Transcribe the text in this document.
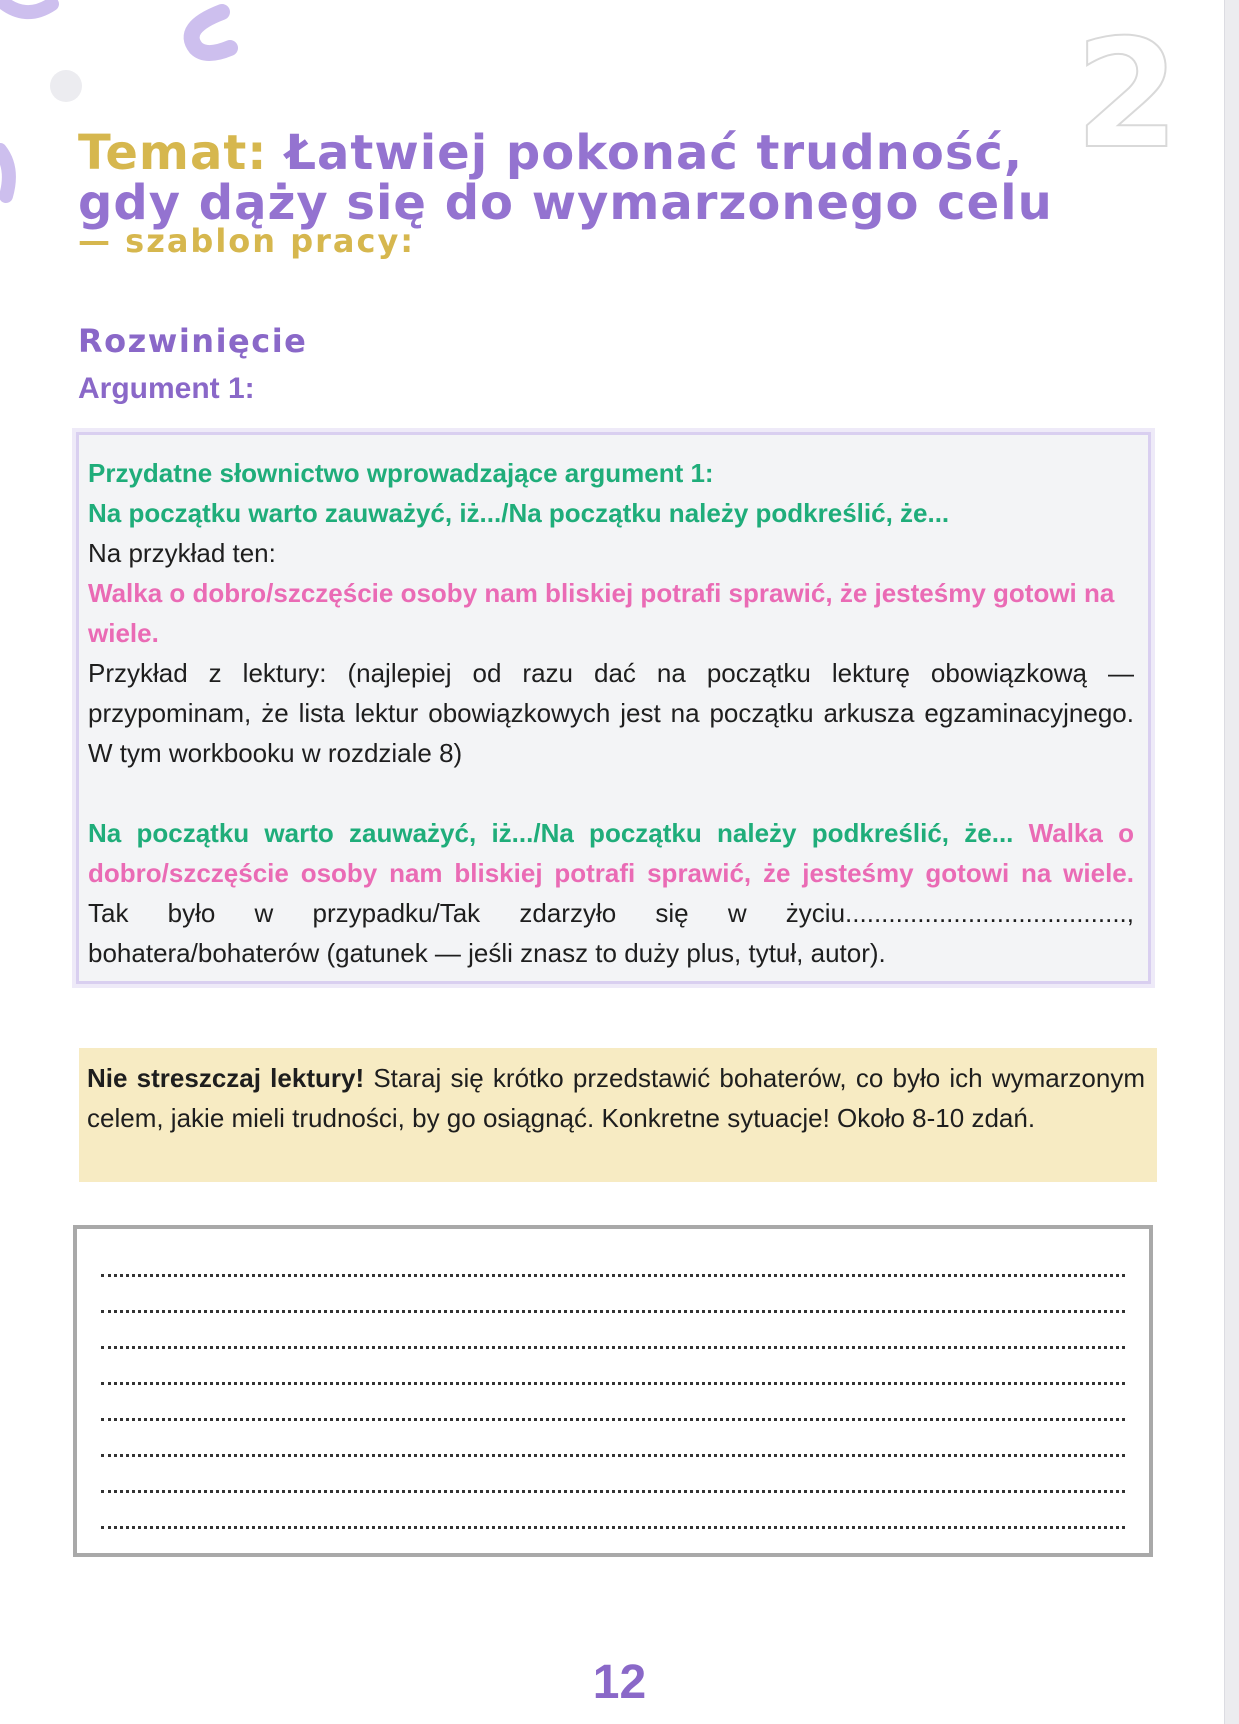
2
Temat: Łatwiej pokonać trudność, gdy dąży się do wymarzonego celu
— szablon pracy:
Rozwinięcie
Argument 1:

Przydatne słownictwo wprowadzające argument 1:

Na początku warto zauważyć, iż.../Na początku należy podkreślić, że...

Na przykład ten:

Walka o dobro/szczęście osoby nam bliskiej potrafi sprawić, że jesteśmy gotowi na wiele.

Przykład z lektury: (najlepiej od razu dać na początku lekturę obowiązkową — przypominam, że lista lektur obowiązkowych jest na początku arkusza egzaminacyjnego. W tym workbooku w rozdziale 8)

Na początku warto zauważyć, iż.../Na początku należy podkreślić, że... Walka o dobro/szczęście osoby nam bliskiej potrafi sprawić, że jesteśmy gotowi na wiele. Tak było w przypadku/Tak zdarzyło się w życiu......................................., bohatera/bohaterów (gatunek — jeśli znasz to duży plus, tytuł, autor).

Nie streszczaj lektury! Staraj się krótko przedstawić bohaterów, co było ich wymarzonym celem, jakie mieli trudności, by go osiągnąć. Konkretne sytuacje! Około 8-10 zdań.

12
